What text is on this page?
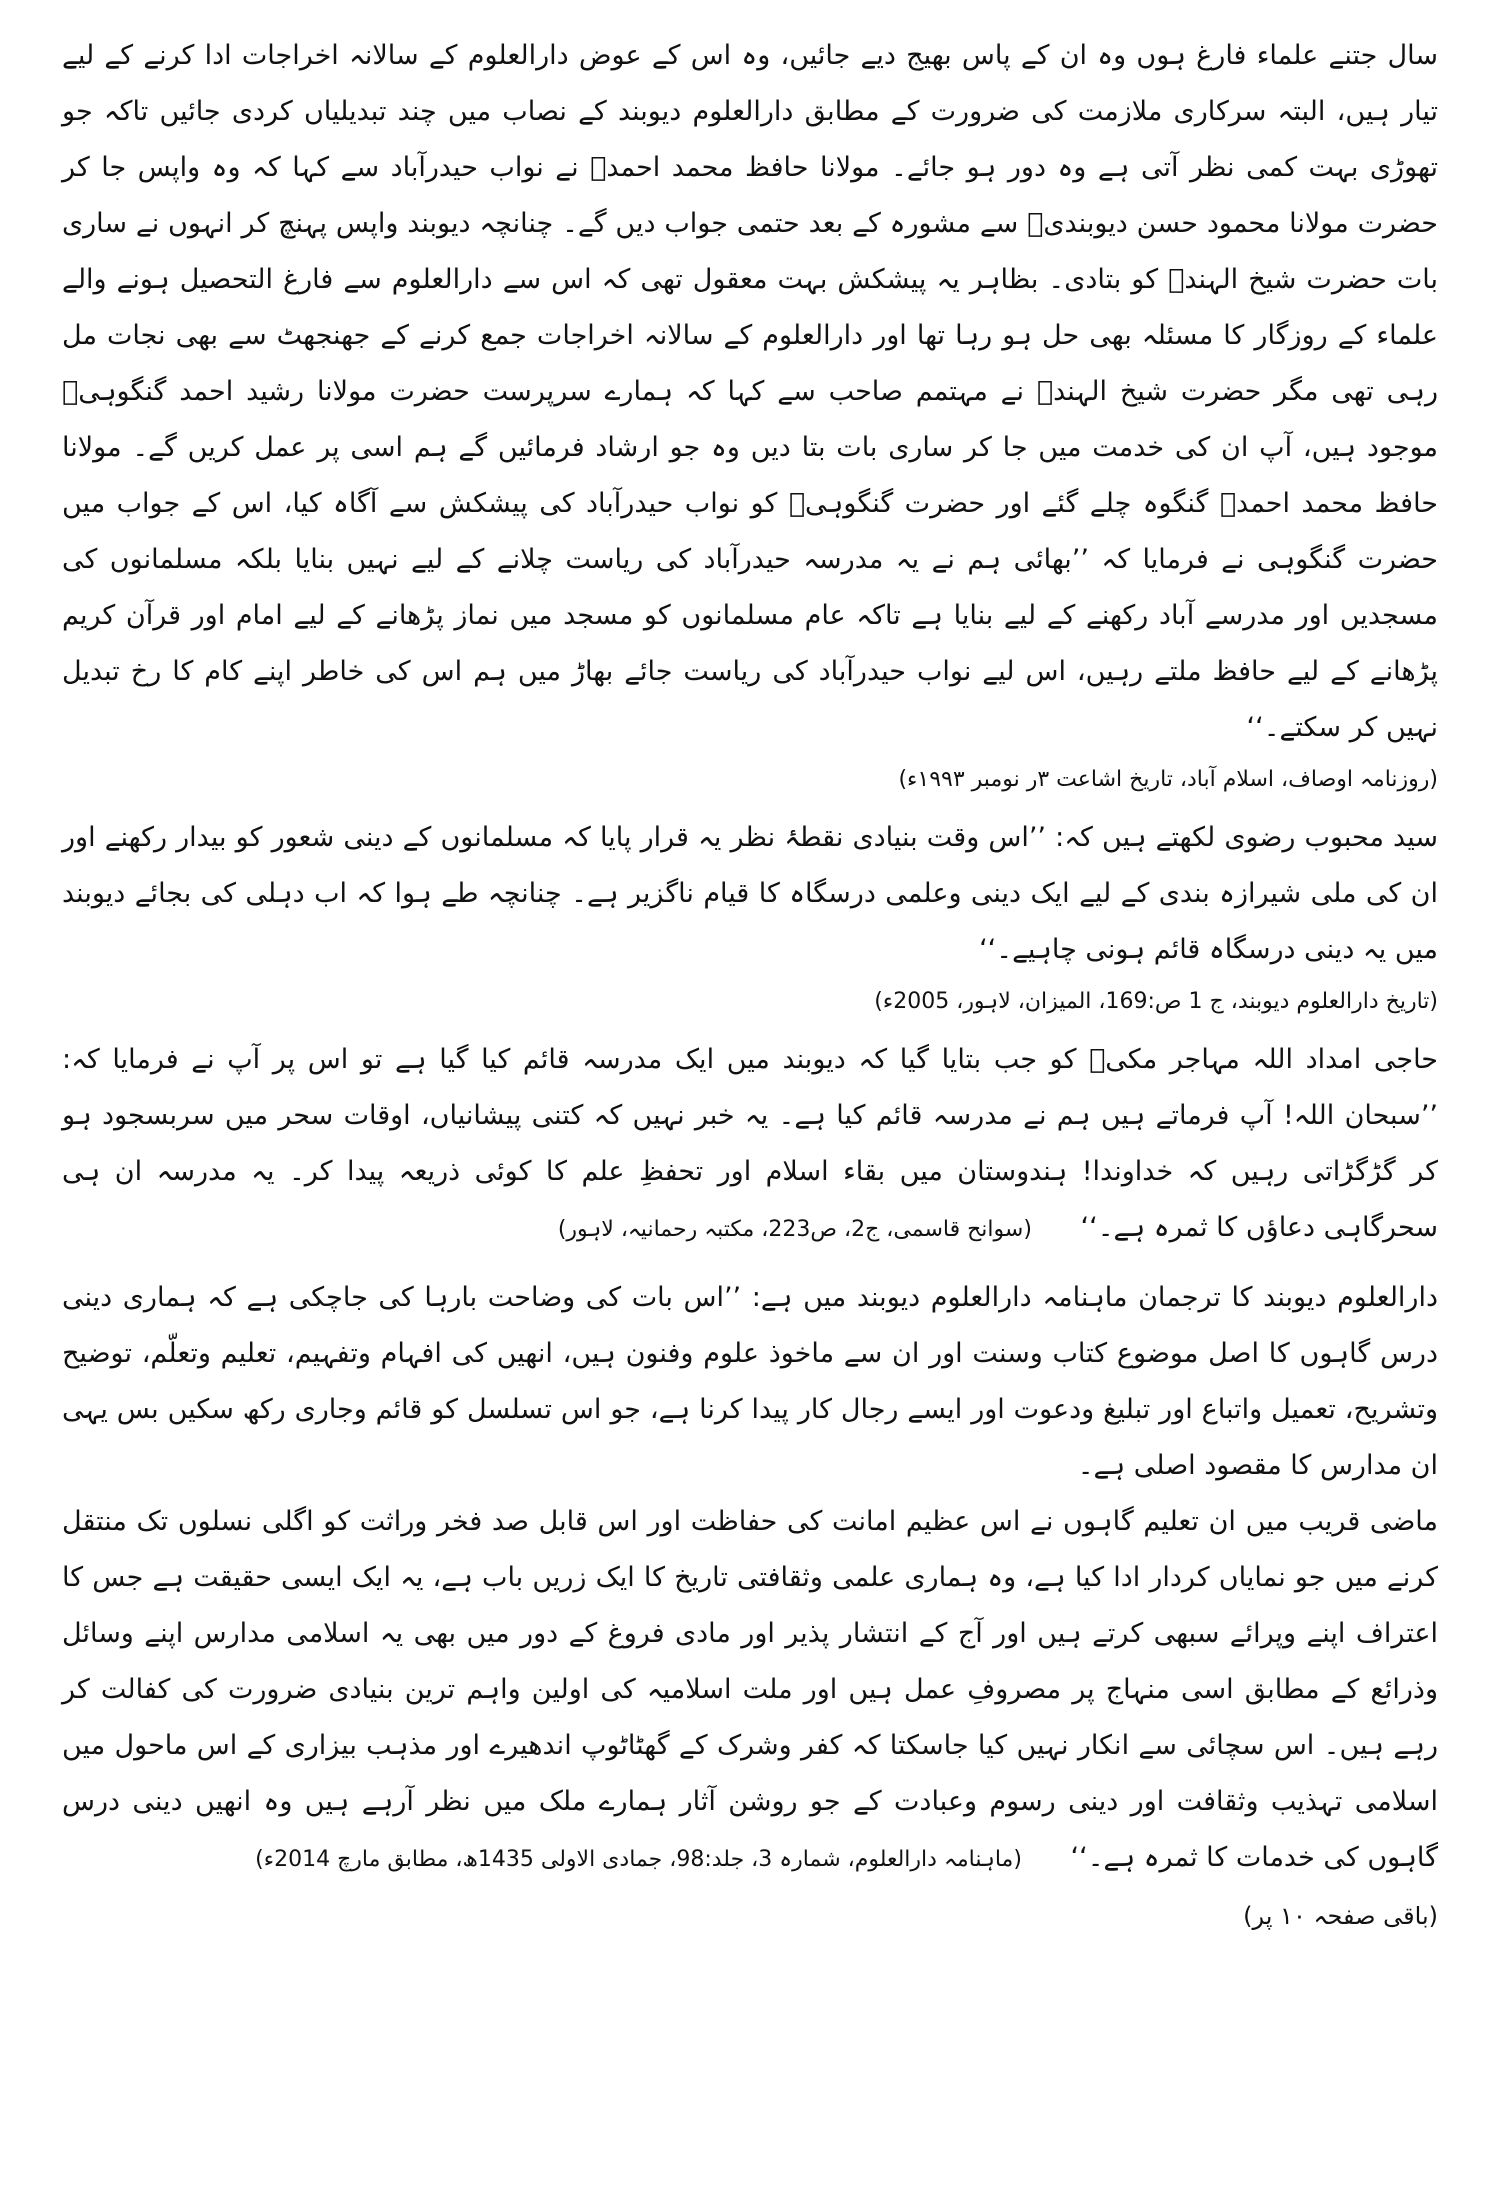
سال جتنے علماء فارغ ہوں وہ ان کے پاس بھیج دیے جائیں، وہ اس کے عوض دارالعلوم کے سالانہ اخراجات ادا کرنے کے لیے تیار ہیں، البتہ سرکاری ملازمت کی ضرورت کے مطابق دارالعلوم دیوبند کے نصاب میں چند تبدیلیاں کردی جائیں تاکہ جو تھوڑی بہت کمی نظر آتی ہے وہ دور ہو جائے۔ مولانا حافظ محمد احمدؒ نے نواب حیدرآباد سے کہا کہ وہ واپس جا کر حضرت مولانا محمود حسن دیوبندیؒ سے مشورہ کے بعد حتمی جواب دیں گے۔ چنانچہ دیوبند واپس پہنچ کر انہوں نے ساری بات حضرت شیخ الہندؒ کو بتادی۔ بظاہر یہ پیشکش بہت معقول تھی کہ اس سے دارالعلوم سے فارغ التحصیل ہونے والے علماء کے روزگار کا مسئلہ بھی حل ہو رہا تھا اور دارالعلوم کے سالانہ اخراجات جمع کرنے کے جھنجھٹ سے بھی نجات مل رہی تھی مگر حضرت شیخ الہندؒ نے مہتمم صاحب سے کہا کہ ہمارے سرپرست حضرت مولانا رشید احمد گنگوہیؒ موجود ہیں، آپ ان کی خدمت میں جا کر ساری بات بتا دیں وہ جو ارشاد فرمائیں گے ہم اسی پر عمل کریں گے۔ مولانا حافظ محمد احمدؒ گنگوہ چلے گئے اور حضرت گنگوہیؒ کو نواب حیدرآباد کی پیشکش سے آگاہ کیا، اس کے جواب میں حضرت گنگوہی نے فرمایا کہ ’’بھائی ہم نے یہ مدرسہ حیدرآباد کی ریاست چلانے کے لیے نہیں بنایا بلکہ مسلمانوں کی مسجدیں اور مدرسے آباد رکھنے کے لیے بنایا ہے تاکہ عام مسلمانوں کو مسجد میں نماز پڑھانے کے لیے امام اور قرآن کریم پڑھانے کے لیے حافظ ملتے رہیں، اس لیے نواب حیدرآباد کی ریاست جائے بھاڑ میں ہم اس کی خاطر اپنے کام کا رخ تبدیل نہیں کر سکتے۔‘‘

(روزنامہ اوصاف، اسلام آباد، تاریخ اشاعت ۳ر نومبر ۱۹۹۳ء)

سید محبوب رضوی لکھتے ہیں کہ: ’’اس وقت بنیادی نقطۂ نظر یہ قرار پایا کہ مسلمانوں کے دینی شعور کو بیدار رکھنے اور ان کی ملی شیرازہ بندی کے لیے ایک دینی وعلمی درسگاہ کا قیام ناگزیر ہے۔ چنانچہ طے ہوا کہ اب دہلی کی بجائے دیوبند میں یہ دینی درسگاہ قائم ہونی چاہیے۔‘‘

(تاریخ دارالعلوم دیوبند، ج 1 ص:169، المیزان، لاہور، 2005ء)

حاجی امداد اللہ مہاجر مکیؒ کو جب بتایا گیا کہ دیوبند میں ایک مدرسہ قائم کیا گیا ہے تو اس پر آپ نے فرمایا کہ: ’’سبحان اللہ! آپ فرماتے ہیں ہم نے مدرسہ قائم کیا ہے۔ یہ خبر نہیں کہ کتنی پیشانیاں، اوقات سحر میں سربسجود ہو کر گڑگڑاتی رہیں کہ خداوندا! ہندوستان میں بقاء اسلام اور تحفظِ علم کا کوئی ذریعہ پیدا کر۔ یہ مدرسہ ان ہی سحرگاہی دعاؤں کا ثمرہ ہے۔‘‘ (سوانح قاسمی، ج2، ص223، مکتبہ رحمانیہ، لاہور)

دارالعلوم دیوبند کا ترجمان ماہنامہ دارالعلوم دیوبند میں ہے: ’’اس بات کی وضاحت بارہا کی جاچکی ہے کہ ہماری دینی درس گاہوں کا اصل موضوع کتاب وسنت اور ان سے ماخوذ علوم وفنون ہیں، انھیں کی افہام وتفہیم، تعلیم وتعلّم، توضیح وتشریح، تعمیل واتباع اور تبلیغ ودعوت اور ایسے رجال کار پیدا کرنا ہے، جو اس تسلسل کو قائم وجاری رکھ سکیں بس یہی ان مدارس کا مقصود اصلی ہے۔

ماضی قریب میں ان تعلیم گاہوں نے اس عظیم امانت کی حفاظت اور اس قابل صد فخر وراثت کو اگلی نسلوں تک منتقل کرنے میں جو نمایاں کردار ادا کیا ہے، وہ ہماری علمی وثقافتی تاریخ کا ایک زریں باب ہے، یہ ایک ایسی حقیقت ہے جس کا اعتراف اپنے وپرائے سبھی کرتے ہیں اور آج کے انتشار پذیر اور مادی فروغ کے دور میں بھی یہ اسلامی مدارس اپنے وسائل وذرائع کے مطابق اسی منہاج پر مصروفِ عمل ہیں اور ملت اسلامیہ کی اولین واہم ترین بنیادی ضرورت کی کفالت کر رہے ہیں۔ اس سچائی سے انکار نہیں کیا جاسکتا کہ کفر وشرک کے گھٹاٹوپ اندھیرے اور مذہب بیزاری کے اس ماحول میں اسلامی تہذیب وثقافت اور دینی رسوم وعبادت کے جو روشن آثار ہمارے ملک میں نظر آرہے ہیں وہ انھیں دینی درس گاہوں کی خدمات کا ثمرہ ہے۔‘‘ (ماہنامہ دارالعلوم، شمارہ 3، جلد:98، جمادی الاولی 1435ھ، مطابق مارچ 2014ء)

(باقی صفحہ ۱۰ پر)
